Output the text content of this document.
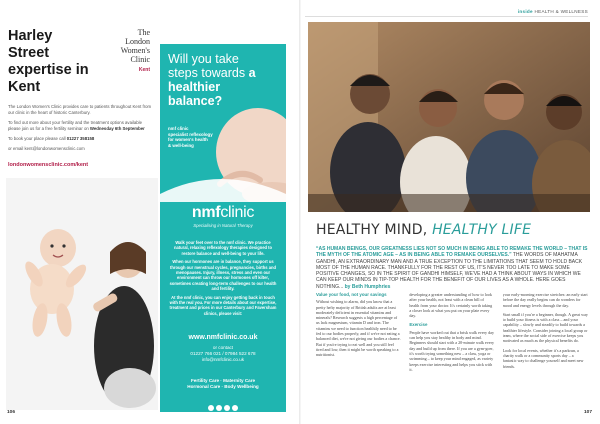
The
London
Women's
Clinic
Kent
Harley Street expertise in Kent

The London Women's Clinic provides care to patients throughout Kent from our clinic in the heart of historic Canterbury.

To find out more about your fertility and the treatment options available please join us for a free fertility seminar on Wednesday 6th September

To book your place please call 01227 358158

or email kent@londonwomensclinic.com

londonwomensclinic.com/kent
Will you take steps towards a healthier balance?
nmf clinic
specialist reflexology
for women's health
& well-being
nmfclinic
Specialising in Natural Therapy

Walk your feet over to the nmf clinic. We practice natural, relaxing reflexology therapies designed to restore balance and well-being to your life.

When our hormones are in balance, they support us through our menstrual cycles, pregnancies, births and menopauses. Injury, illness, stress and even our environment can throw our hormones off kilter, sometimes creating long-term challenges to our health and fertility.

At the nmf clinic, you can enjoy getting back in touch with the real you. For more details about our expertise, treatment and prices in our Canterbury and Faversham clinics, please visit:

www.nmfclinic.co.uk
or contact
01227 766 021 / 07984 522 678
info@nmfclinic.co.uk
Fertility Care · Maternity Care
Hormonal Care · Body Wellbeing
106
inside HEALTH & WELLNESS
HEALTHY MIND, HEALTHY LIFE
“AS HUMAN BEINGS, OUR GREATNESS LIES NOT SO MUCH IN BEING ABLE TO REMAKE THE WORLD – THAT IS THE MYTH OF THE ATOMIC AGE – AS IN BEING ABLE TO REMAKE OURSELVES.” THE WORDS OF MAHATMA GANDHI, AN EXTRAORDINARY MAN AND A TRUE EXCEPTION TO THE LIMITATIONS THAT SEEM TO HOLD BACK MOST OF THE HUMAN RACE. THANKFULLY FOR THE REST OF US, IT'S NEVER TOO LATE TO MAKE SOME POSITIVE CHANGES, SO IN THE SPIRIT OF GANDHI HIMSELF, WE'VE HAD A THINK ABOUT WAYS IN WHICH WE CAN KEEP OUR MINDS IN TIP-TOP HEALTH FOR THE BENEFIT OF OUR LIVES AS A WHOLE. HERE GOES NOTHING... by Beth Humphries
Value your food, not your savings

Without wishing to alarm, did you know that a pretty hefty majority of British adults are at least moderately deficient in essential vitamins and minerals? Research suggests a high percentage of us lack magnesium, vitamin D and iron. The vitamins we need to function healthily need to be fed to our bodies properly, and if we're not eating a balanced diet, we're not giving our bodies a chance. But if you're trying to eat well and you still feel tired and low, then it might be worth speaking to a nutritionist.

developing a greater understanding of how to look after your health, not least with a clean bill of health from your doctor. It's certainly worth taking a closer look at what you put on your plate every day.

Exercise

People have worked out that a brisk walk every day can help you stay healthy in body and mind. Beginners should start with a 20-minute walk every day and build up from there. If you are a gym-goer, it's worth trying something new – a class, yoga or swimming – to keep your mind engaged, as variety keeps exercise interesting and helps you stick with it.

your early-morning exercise stretches: an early start before the day really begins can do wonders for mood and energy levels through the day.

Start small if you're a beginner, though. A great way to build your fitness is with a class – and your capability – slowly and steadily to build towards a healthier lifestyle. Consider joining a local group or team, where the social side of exercise keeps you motivated as much as the physical benefits do.

Look for local events, whether it's a parkrun, a charity walk or a community sports day – a fantastic way to challenge yourself and meet new friends.

107
